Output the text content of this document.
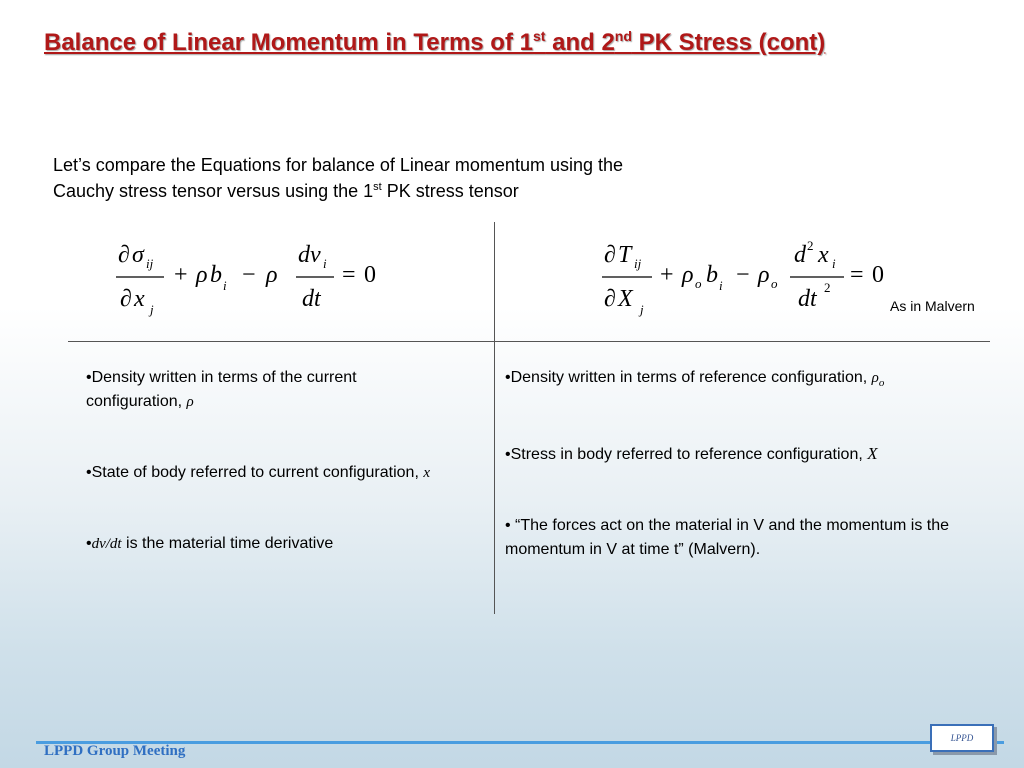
Balance of Linear Momentum in Terms of 1st and 2nd PK Stress (cont)
Let’s compare the Equations for balance of Linear momentum using the
Cauchy stress tensor versus using the 1st PK stress tensor
∂ σ ij
∂ x j
+ ρ b i − ρ
dv i
dt
= 0
∂ T ij
∂ X j
+ ρ o b i − ρ o
d 2 x i
dt 2 = 0
As in Malvern

•Density written in terms of the current configuration, ρ

•State of body referred to current configuration, x

•dv/dt is the material time derivative

•Density written in terms of reference configuration, $\rho_o$

•Stress in body referred to reference configuration, X

• “The forces act on the material in V and the momentum is the momentum in V at time t” (Malvern).

LPPD Group Meeting
LPPD
